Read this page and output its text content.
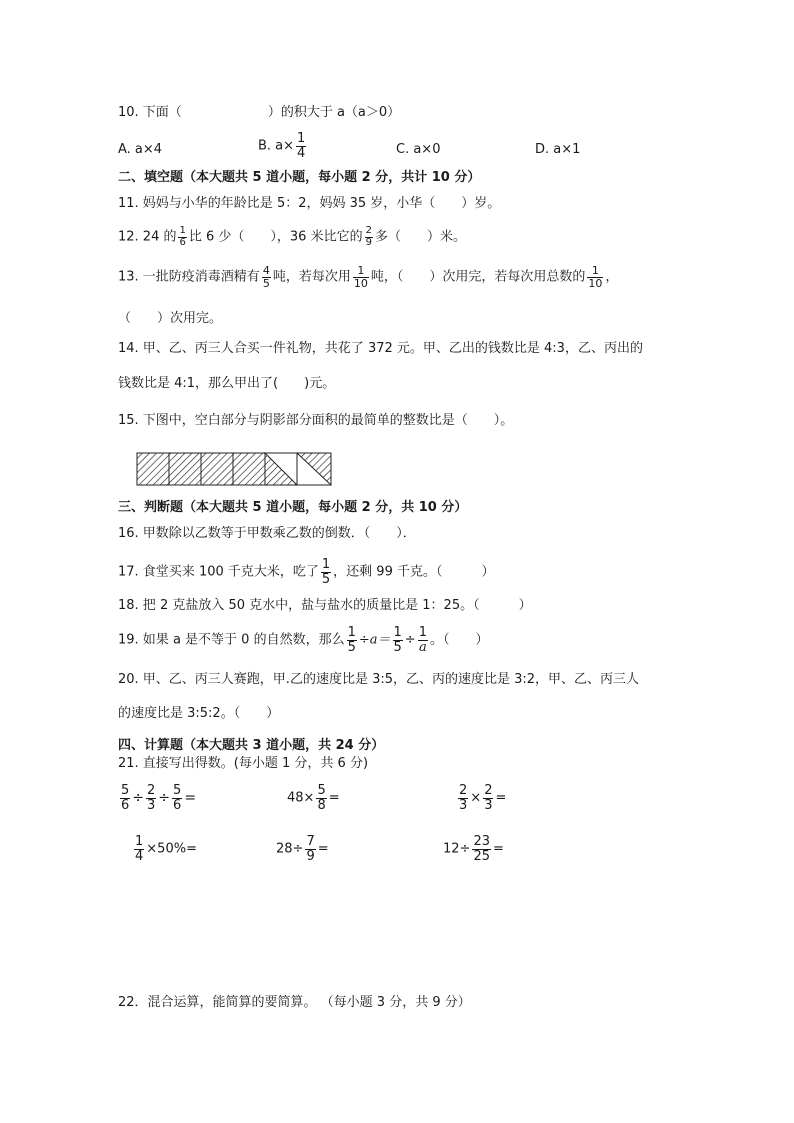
10. 下面（	）的积大于 a（a＞0）
A. a×4	B. $a\times \frac{1}{4}$	C. a×0	D. a×1
二、填空题（本大题共 5 道小题，每小题 2 分，共计 10 分）
11. 妈妈与小华的年龄比是 5：2，妈妈 35 岁，小华（　　）岁。
12. 24 的 $\frac{1}{6}$ 比 6 少（　　），36 米比它的 $\frac{2}{9}$ 多（　　）米。
13. 一批防疫消毒酒精有 $\frac{4}{5}$ 吨，若每次用 $\frac{1}{10}$ 吨，（　　）次用完，若每次用总数的 $\frac{1}{10}$ ，
（　　）次用完。
14. 甲、乙、丙三人合买一件礼物，共花了 372 元。甲、乙出的钱数比是 4:3，乙、丙出的
钱数比是 4:1，那么甲出了(　　)元。
15. 下图中，空白部分与阴影部分面积的最简单的整数比是（　　）。
三、判断题（本大题共 5 道小题，每小题 2 分，共 10 分）
16. 甲数除以乙数等于甲数乘乙数的倒数．（　　）．
17. 食堂买来 100 千克大米，吃了 $\frac{1}{5}$ ，还剩 99 千克。（　　　）
18. 把 2 克盐放入 50 克水中，盐与盐水的质量比是 1：25。（　　　）
19. 如果 a 是不等于 0 的自然数，那么 $\frac{1}{5} \div a= \frac{1}{5} \div \frac{1}{a}$ 。（　　）
20. 甲、乙、丙三人赛跑，甲.乙的速度比是 3:5，乙、丙的速度比是 3:2，甲、乙、丙三人
的速度比是 3:5:2。（　　）
四、计算题（本大题共 3 道小题，共 24 分）
21. 直接写出得数。(每小题 1 分，共 6 分)
$\frac{5}{6} \div \frac{2}{3} \div \frac{5}{6}$ =	$48\times \frac{5}{8}$ =	$\frac{2}{3} \times \frac{2}{3}$ =
$\frac{1}{4} \times 50\%=$	$28\div \frac{7}{9}$ =	$12\div \frac{23}{25}$ =
22．混合运算，能简算的要简算。 （每小题 3 分，共 9 分）
